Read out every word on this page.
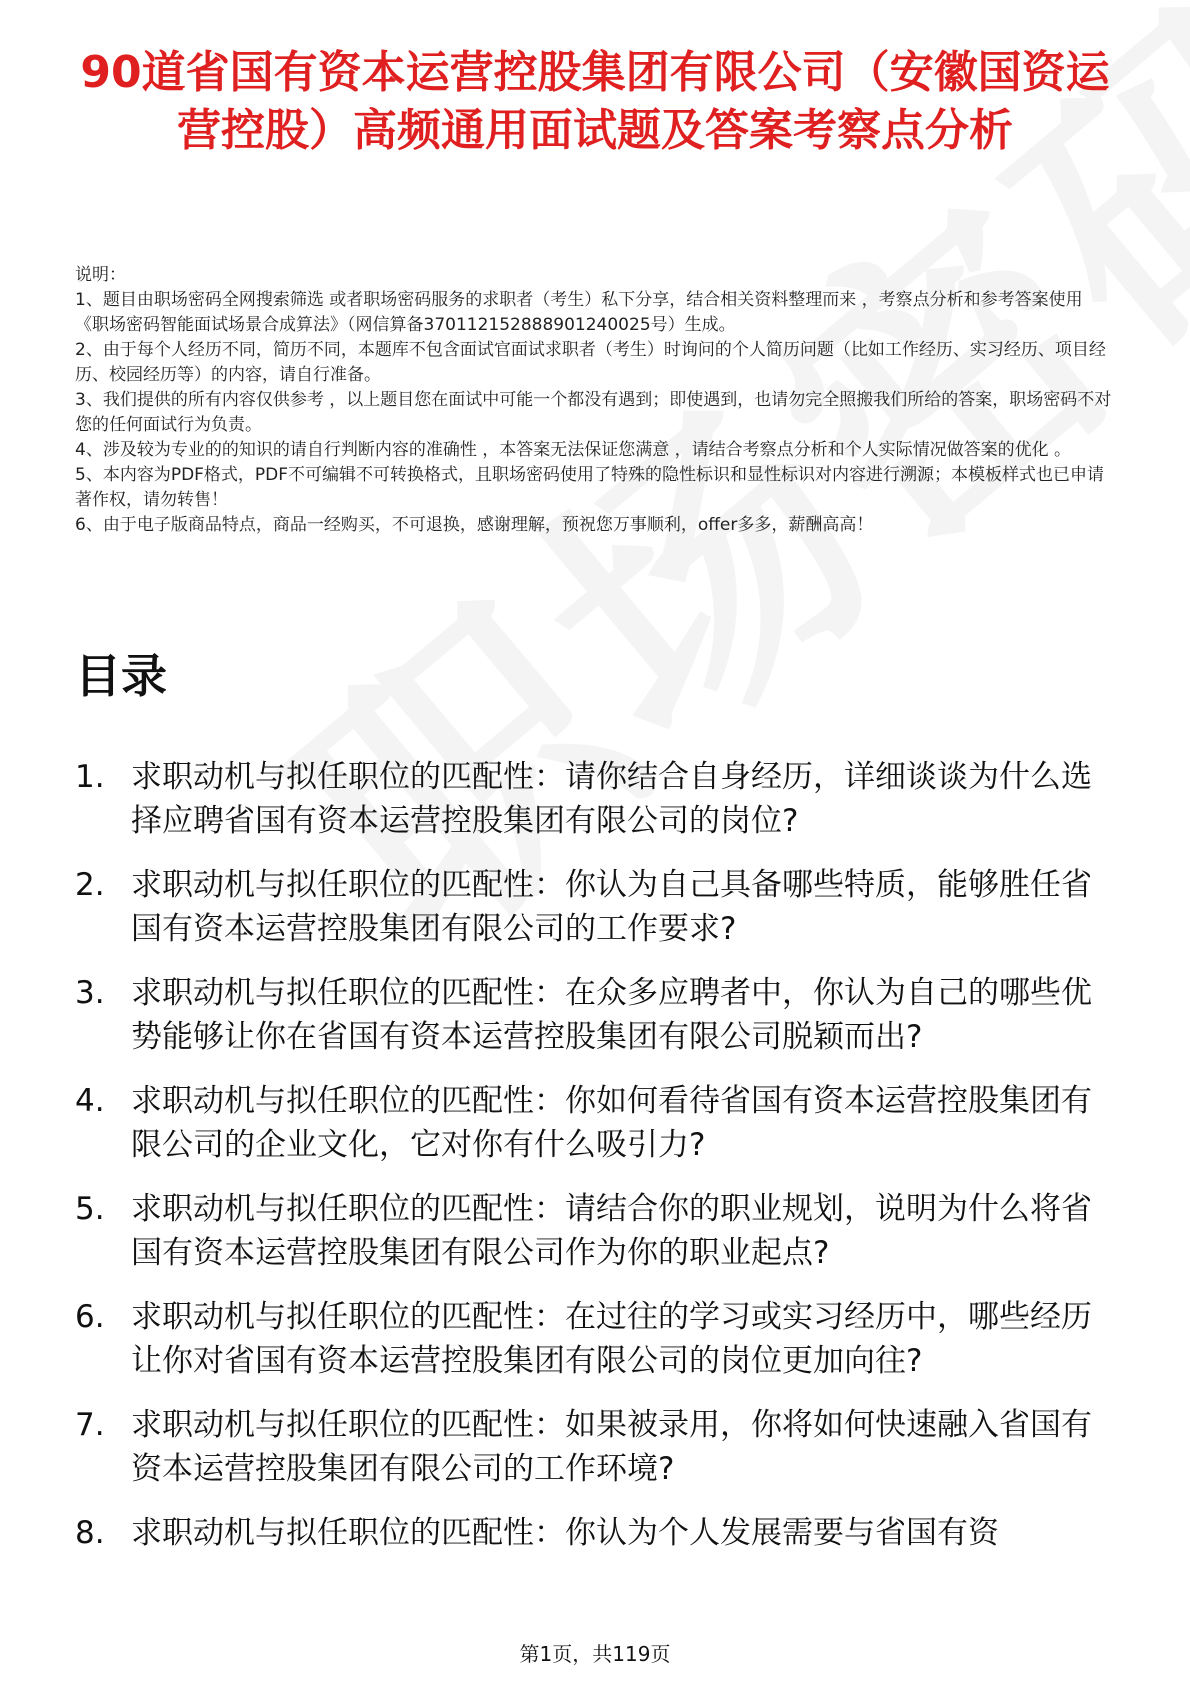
90道省国有资本运营控股集团有限公司（安徽国资运营控股）高频通用面试题及答案考察点分析

说明：

1、题目由职场密码全网搜索筛选 或者职场密码服务的求职者（考生）私下分享，结合相关资料整理而来 ，考察点分析和参考答案使用《职场密码智能面试场景合成算法》（网信算备370112152888901240025号）生成。

2、由于每个人经历不同，简历不同，本题库不包含面试官面试求职者（考生）时询问的个人简历问题（比如工作经历、实习经历、项目经历、校园经历等）的内容，请自行准备。

3、我们提供的所有内容仅供参考 ，以上题目您在面试中可能一个都没有遇到；即使遇到，也请勿完全照搬我们所给的答案，职场密码不对您的任何面试行为负责。

4、涉及较为专业的的知识的请自行判断内容的准确性 ，本答案无法保证您满意 ，请结合考察点分析和个人实际情况做答案的优化 。

5、本内容为PDF格式，PDF不可编辑不可转换格式，且职场密码使用了特殊的隐性标识和显性标识对内容进行溯源；本模板样式也已申请著作权，请勿转售！

6、由于电子版商品特点，商品一经购买，不可退换，感谢理解，预祝您万事顺利，offer多多，薪酬高高！

目录
1. 求职动机与拟任职位的匹配性：请你结合自身经历，详细谈谈为什么选择应聘省国有资本运营控股集团有限公司的岗位?
2. 求职动机与拟任职位的匹配性：你认为自己具备哪些特质，能够胜任省国有资本运营控股集团有限公司的工作要求?
3. 求职动机与拟任职位的匹配性：在众多应聘者中，你认为自己的哪些优势能够让你在省国有资本运营控股集团有限公司脱颖而出?
4. 求职动机与拟任职位的匹配性：你如何看待省国有资本运营控股集团有限公司的企业文化，它对你有什么吸引力?
5. 求职动机与拟任职位的匹配性：请结合你的职业规划，说明为什么将省国有资本运营控股集团有限公司作为你的职业起点?
6. 求职动机与拟任职位的匹配性：在过往的学习或实习经历中，哪些经历让你对省国有资本运营控股集团有限公司的岗位更加向往?
7. 求职动机与拟任职位的匹配性：如果被录用，你将如何快速融入省国有资本运营控股集团有限公司的工作环境?
8. 求职动机与拟任职位的匹配性：你认为个人发展需要与省国有资
第1页，共119页
